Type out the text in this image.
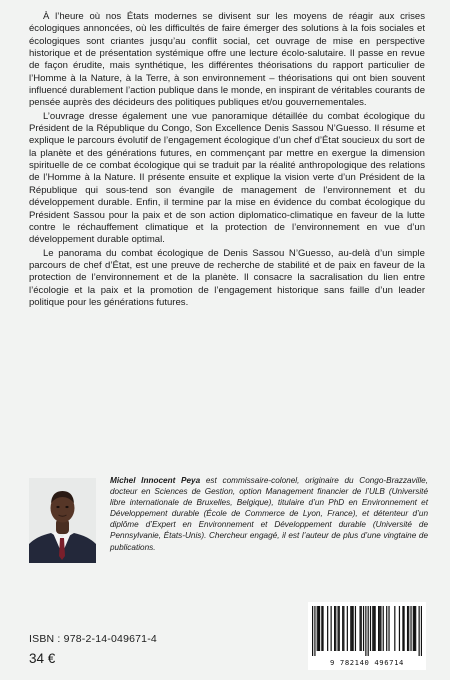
À l’heure où nos États modernes se divisent sur les moyens de réagir aux crises écologiques annoncées, où les difficultés de faire émerger des solutions à la fois sociales et écologiques sont criantes jusqu’au conflit social, cet ouvrage de mise en perspective historique et de présentation systémique offre une lecture écolo-salutaire. Il passe en revue de façon érudite, mais synthétique, les différentes théorisations du rapport particulier de l’Homme à la Nature, à la Terre, à son environnement – théorisations qui ont bien souvent influencé durablement l’action publique dans le monde, en inspirant de véritables courants de pensée auprès des décideurs des politiques publiques et/ou gouvernementales.

L’ouvrage dresse également une vue panoramique détaillée du combat écologique du Président de la République du Congo, Son Excellence Denis Sassou N’Guesso. Il résume et explique le parcours évolutif de l’engagement écologique d’un chef d’État soucieux du sort de la planète et des générations futures, en commençant par mettre en exergue la dimension spirituelle de ce combat écologique qui se traduit par la réalité anthropologique des relations de l’Homme à la Nature. Il présente ensuite et explique la vision verte d’un Président de la République qui sous-tend son évangile de management de l’environnement et du développement durable. Enfin, il termine par la mise en évidence du combat écologique du Président Sassou pour la paix et de son action diplomatico-climatique en faveur de la lutte contre le réchauffement climatique et la protection de l’environnement en vue d’un développement durable optimal.

Le panorama du combat écologique de Denis Sassou N’Guesso, au-delà d’un simple parcours de chef d’État, est une preuve de recherche de stabilité et de paix en faveur de la protection de l’environnement et de la planète. Il consacre la sacralisation du lien entre l’écologie et la paix et la promotion de l’engagement historique sans faille d’un leader politique pour les générations futures.

Michel Innocent Peya est commissaire-colonel, originaire du Congo-Brazzaville, docteur en Sciences de Gestion, option Management financier de l’ULB (Université libre internationale de Bruxelles, Belgique), titulaire d’un PhD en Environnement et Développement durable (École de Commerce de Lyon, France), et détenteur d’un diplôme d’Expert en Environnement et Développement durable (Université de Pennsylvanie, États-Unis). Chercheur engagé, il est l’auteur de plus d’une vingtaine de publications.

ISBN : 978-2-14-049671-4
34 €	9 782140 496714
